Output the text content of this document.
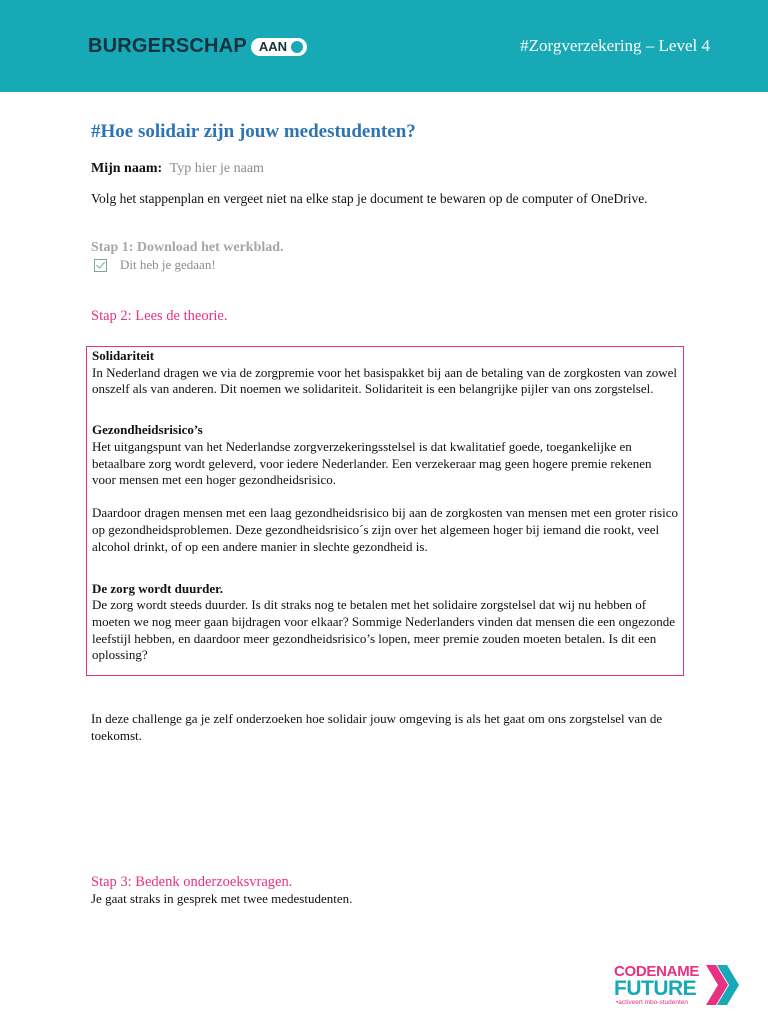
BURGERSCHAP AAN	#Zorgverzekering – Level 4
#Hoe solidair zijn jouw medestudenten?
Mijn naam: Typ hier je naam
Volg het stappenplan en vergeet niet na elke stap je document te bewaren op de computer of OneDrive.
Stap 1: Download het werkblad.
Dit heb je gedaan!
Stap 2: Lees de theorie.

Solidariteit

In Nederland dragen we via de zorgpremie voor het basispakket bij aan de betaling van de zorgkosten van zowel onszelf als van anderen. Dit noemen we solidariteit. Solidariteit is een belangrijke pijler van ons zorgstelsel.

Gezondheidsrisico’s

Het uitgangspunt van het Nederlandse zorgverzekeringsstelsel is dat kwalitatief goede, toegankelijke en betaalbare zorg wordt geleverd, voor iedere Nederlander. Een verzekeraar mag geen hogere premie rekenen voor mensen met een hoger gezondheidsrisico.

Daardoor dragen mensen met een laag gezondheidsrisico bij aan de zorgkosten van mensen met een groter risico op gezondheidsproblemen. Deze gezondheidsrisico´s zijn over het algemeen hoger bij iemand die rookt, veel alcohol drinkt, of op een andere manier in slechte gezondheid is.

De zorg wordt duurder.

De zorg wordt steeds duurder. Is dit straks nog te betalen met het solidaire zorgstelsel dat wij nu hebben of moeten we nog meer gaan bijdragen voor elkaar? Sommige Nederlanders vinden dat mensen die een ongezonde leefstijl hebben, en daardoor meer gezondheidsrisico’s lopen, meer premie zouden moeten betalen. Is dit een oplossing?

In deze challenge ga je zelf onderzoeken hoe solidair jouw omgeving is als het gaat om ons zorgstelsel van de toekomst.
Stap 3: Bedenk onderzoeksvragen.
Je gaat straks in gesprek met twee medestudenten.
CODENAME
FUTURE
•activeert mbo-studenten
